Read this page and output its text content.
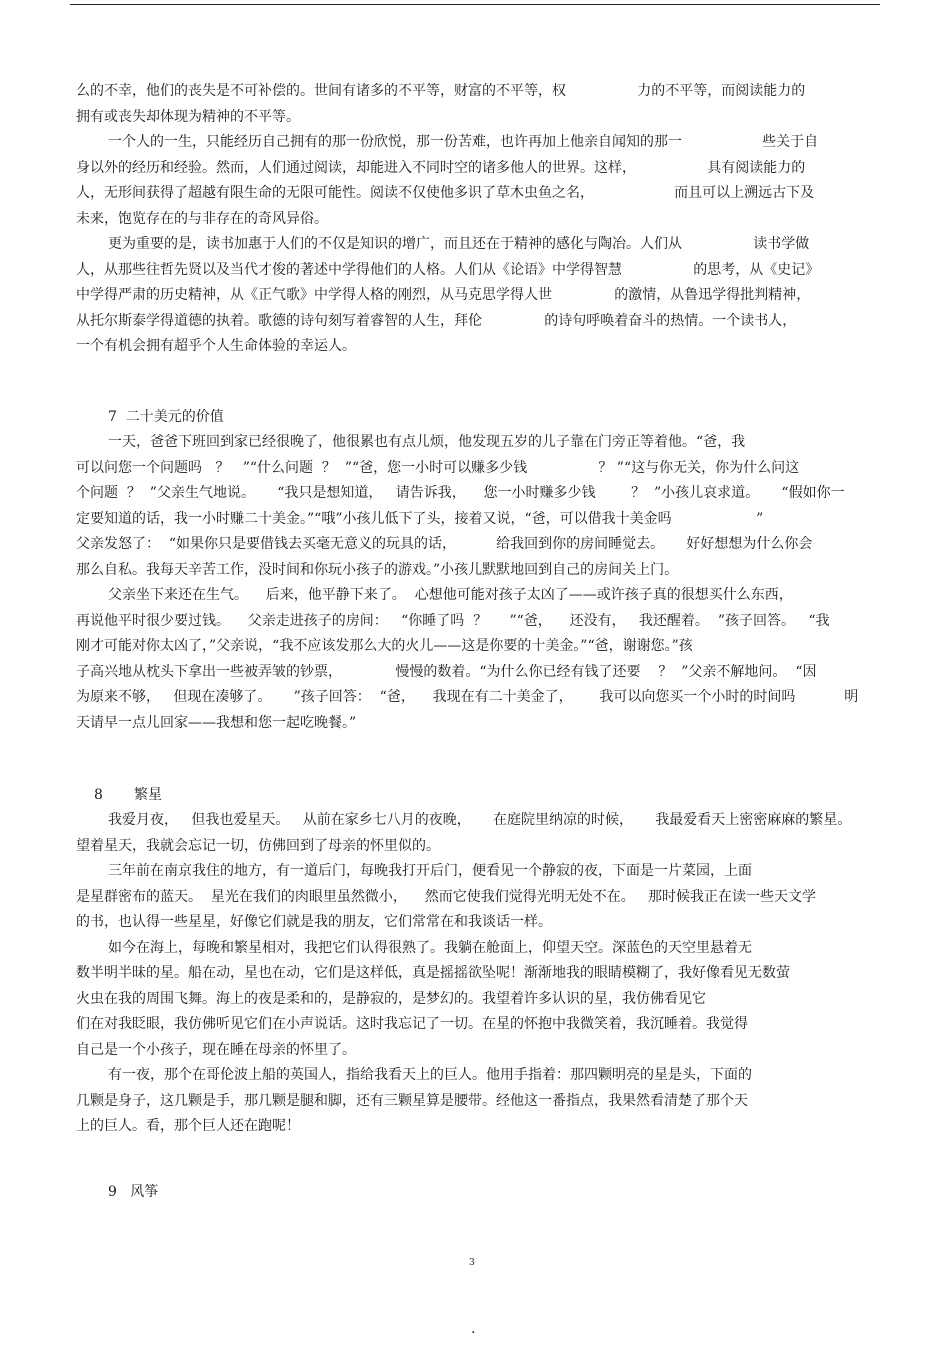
么的不幸，他们的丧失是不可补偿的。世间有诸多的不平等，财富的不平等，权                力的不平等，而阅读能力的
拥有或丧失却体现为精神的不平等。
一个人的一生，只能经历自己拥有的那一份欣悦，那一份苦难，也许再加上他亲自闻知的那一                  些关于自
身以外的经历和经验。然而，人们通过阅读，却能进入不同时空的诸多他人的世界。这样，                具有阅读能力的
人，无形间获得了超越有限生命的无限可能性。阅读不仅使他多识了草木虫鱼之名，                  而且可以上溯远古下及
未来，饱览存在的与非存在的奇风异俗。
更为重要的是，读书加惠于人们的不仅是知识的增广，而且还在于精神的感化与陶冶。人们从                读书学做
人，从那些往哲先贤以及当代才俊的著述中学得他们的人格。人们从《论语》中学得智慧                的思考，从《史记》
中学得严肃的历史精神，从《正气歌》中学得人格的刚烈，从马克思学得人世              的激情，从鲁迅学得批判精神，
从托尔斯泰学得道德的执着。歌德的诗句刻写着睿智的人生，拜伦              的诗句呼唤着奋斗的热情。一个读书人，
一个有机会拥有超乎个人生命体验的幸运人。
7  二十美元的价值
一天，爸爸下班回到家已经很晚了，他很累也有点儿烦，他发现五岁的儿子靠在门旁正等着他。“爸，我
可以问您一个问题吗   ？   ”“什么问题  ？  ”“爸，您一小时可以赚多少钱                ？ ”“这与你无关，你为什么问这
个问题  ？  ”父亲生气地说。     “我只是想知道，   请告诉我，    您一小时赚多少钱        ？  ”小孩儿哀求道。     “假如你一
定要知道的话，我一小时赚二十美金。”“哦”小孩儿低下了头，接着又说，“爸，可以借我十美金吗                   ”
父亲发怒了：  “如果你只是要借钱去买毫无意义的玩具的话，         给我回到你的房间睡觉去。     好好想想为什么你会
那么自私。我每天辛苦工作，没时间和你玩小孩子的游戏。”小孩儿默默地回到自己的房间关上门。
父亲坐下来还在生气。    后来，他平静下来了。  心想他可能对孩子太凶了——或许孩子真的很想买什么东西，
再说他平时很少要过钱。    父亲走进孩子的房间：   “你睡了吗  ？     ”“爸，    还没有，   我还醒着。  ”孩子回答。   “我
刚才可能对你太凶了，”父亲说，“我不应该发那么大的火儿——这是你要的十美金。”“爸，谢谢您。”孩
子高兴地从枕头下拿出一些被弄皱的钞票，            慢慢的数着。“为什么你已经有钱了还要    ？  ”父亲不解地问。  “因
为原来不够，   但现在凑够了。     ”孩子回答：  “爸，    我现在有二十美金了，      我可以向您买一个小时的时间吗           明
天请早一点儿回家——我想和您一起吃晚餐。”
8       繁星
我爱月夜，   但我也爱星天。   从前在家乡七八月的夜晚，     在庭院里纳凉的时候，     我最爱看天上密密麻麻的繁星。
望着星天，我就会忘记一切，仿佛回到了母亲的怀里似的。
三年前在南京我住的地方，有一道后门，每晚我打开后门，便看见一个静寂的夜，下面是一片菜园，上面
是星群密布的蓝天。  星光在我们的肉眼里虽然微小，    然而它使我们觉得光明无处不在。   那时候我正在读一些天文学
的书，也认得一些星星，好像它们就是我的朋友，它们常常在和我谈话一样。
如今在海上，每晚和繁星相对，我把它们认得很熟了。我躺在舱面上，仰望天空。深蓝色的天空里悬着无
数半明半昧的星。船在动，星也在动，它们是这样低，真是摇摇欲坠呢！渐渐地我的眼睛模糊了，我好像看见无数萤
火虫在我的周围飞舞。海上的夜是柔和的，是静寂的，是梦幻的。我望着许多认识的星，我仿佛看见它
们在对我眨眼，我仿佛听见它们在小声说话。这时我忘记了一切。在星的怀抱中我微笑着，我沉睡着。我觉得
自己是一个小孩子，现在睡在母亲的怀里了。
有一夜，那个在哥伦波上船的英国人，指给我看天上的巨人。他用手指着：那四颗明亮的星是头，下面的
几颗是身子，这几颗是手，那几颗是腿和脚，还有三颗星算是腰带。经他这一番指点，我果然看清楚了那个天
上的巨人。看，那个巨人还在跑呢！
9   风筝
3
.
